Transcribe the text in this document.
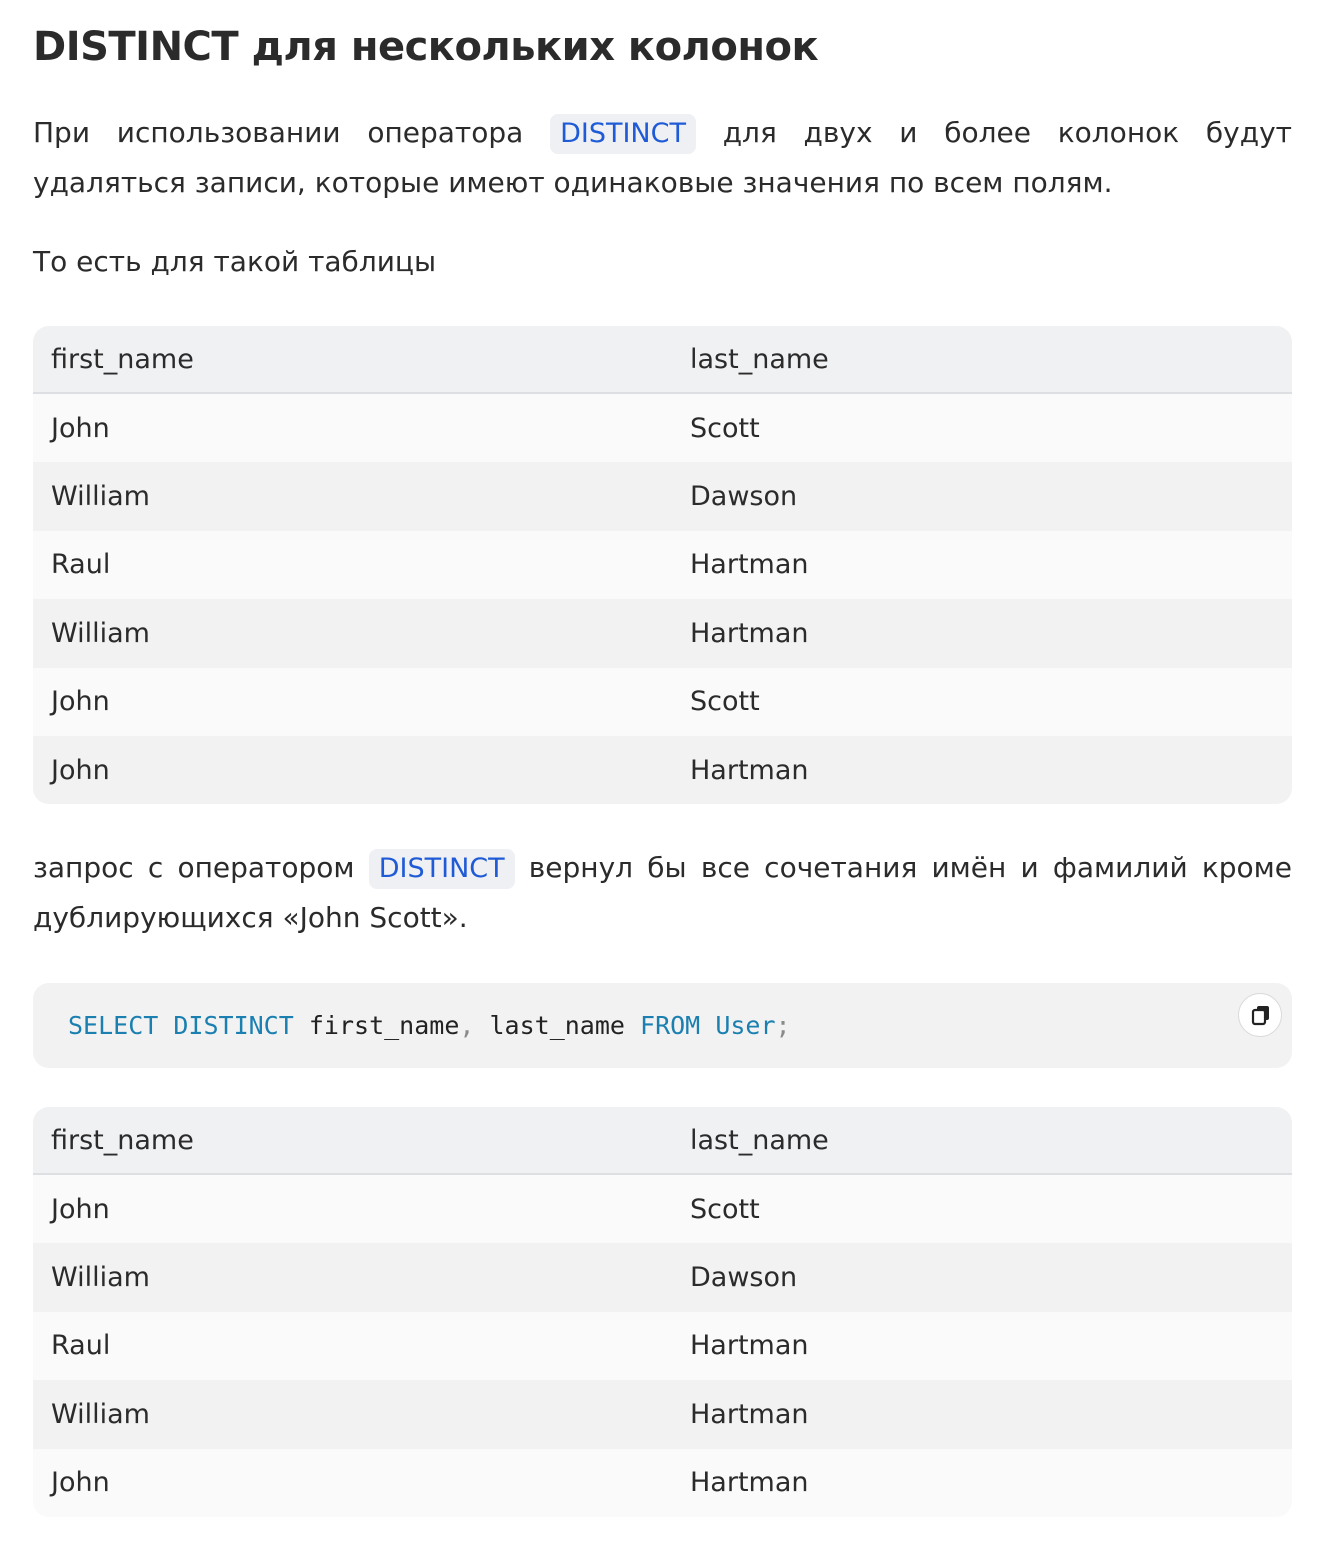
DISTINCT для нескольких колонок

При использовании оператора DISTINCT для двух и более колонок будут удаляться записи, которые имеют одинаковые значения по всем полям.

То есть для такой таблицы

first_name	last_name
John	Scott
William	Dawson
Raul	Hartman
William	Hartman
John	Scott
John	Hartman

запрос с оператором DISTINCT вернул бы все сочетания имён и фамилий кроме дублирующихся «John Scott».

SELECT DISTINCT first_name, last_name FROM User;
first_name	last_name
John	Scott
William	Dawson
Raul	Hartman
William	Hartman
John	Hartman
